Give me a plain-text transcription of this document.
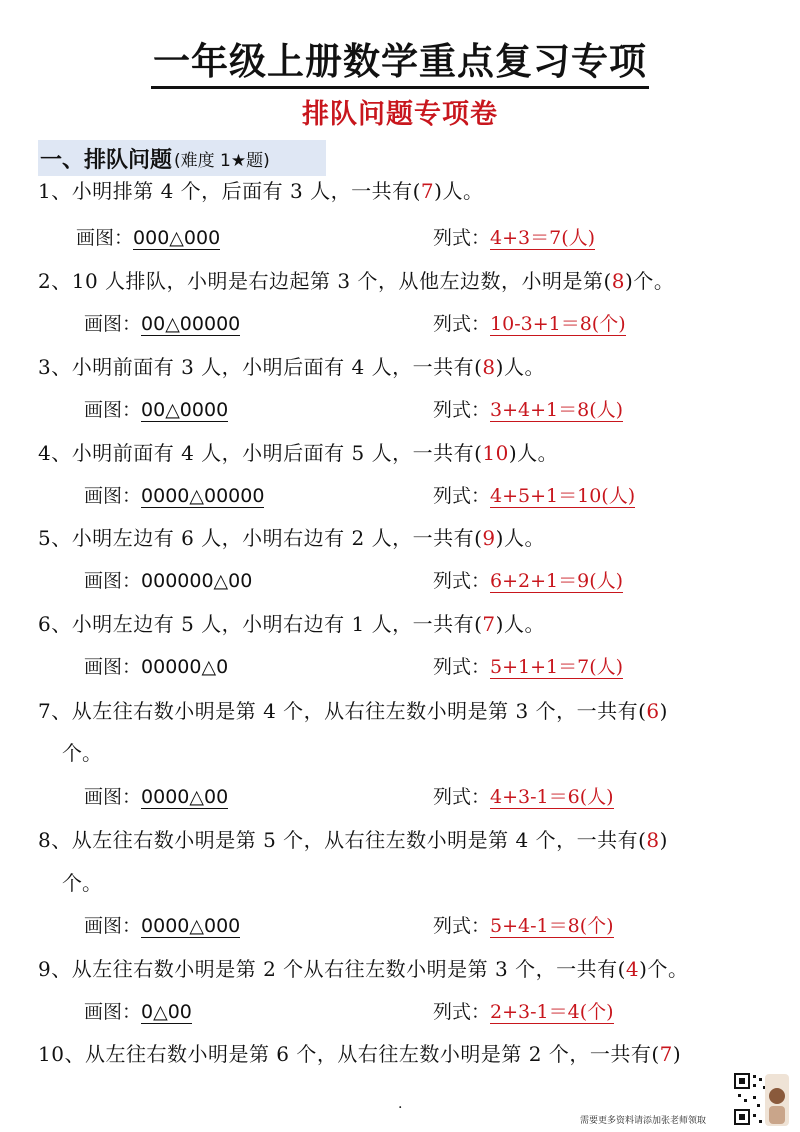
一年级上册数学重点复习专项
排队问题专项卷
一、排队问题 (难度 1★题)
1、小明排第 4 个，后面有 3 人，一共有(7)人。
画图：000△000	列式：4+3＝7(人)
2、10 人排队，小明是右边起第 3 个，从他左边数，小明是第(8)个。
画图：00△00000	列式：10-3+1＝8(个)
3、小明前面有 3 人，小明后面有 4 人，一共有(8)人。
画图：00△0000	列式：3+4+1＝8(人)
4、小明前面有 4 人，小明后面有 5 人，一共有(10)人。
画图：0000△00000	列式：4+5+1＝10(人)
5、小明左边有 6 人，小明右边有 2 人，一共有(9)人。
画图：000000△00	列式：6+2+1＝9(人)
6、小明左边有 5 人，小明右边有 1 人，一共有(7)人。
画图：00000△0	列式：5+1+1＝7(人)
7、从左往右数小明是第 4 个，从右往左数小明是第 3 个，一共有(6)
个。
画图：0000△00	列式：4+3-1＝6(人)
8、从左往右数小明是第 5 个，从右往左数小明是第 4 个，一共有(8)
个。
画图：0000△000	列式：5+4-1＝8(个)
9、从左往右数小明是第 2 个从右往左数小明是第 3 个，一共有(4)个。
画图：0△00	列式：2+3-1＝4(个)
10、从左往右数小明是第 6 个，从右往左数小明是第 2 个，一共有(7)
.
需要更多资料请添加张老师领取
